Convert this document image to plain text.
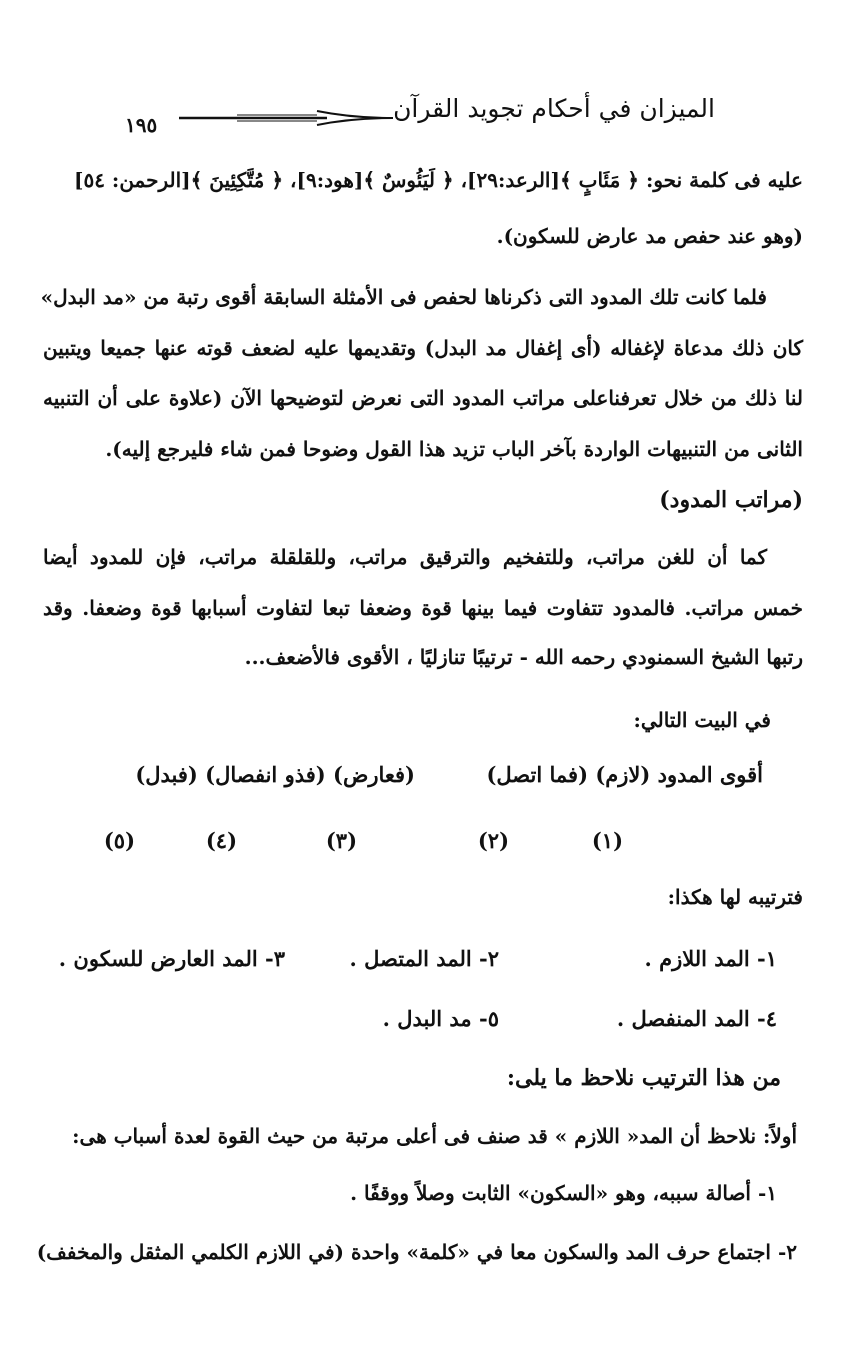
الميزان في أحكام تجويد القرآن
١٩٥
عليه فى كلمة نحو: ﴿ مَئَابٍ ﴾[الرعد:٢٩]، ﴿ لَيَئُوسٌ ﴾[هود:٩]، ﴿ مُتَّكِئِينَ ﴾[الرحمن: ٥٤]
(وهو عند حفص مد عارض للسكون).
فلما كانت تلك المدود التى ذكرناها لحفص فى الأمثلة السابقة أقوى رتبة من «مد البدل»
كان ذلك مدعاة لإغفاله (أى إغفال مد البدل) وتقديمها عليه لضعف قوته عنها جميعا ويتبين
لنا ذلك من خلال تعرفناعلى مراتب المدود التى نعرض لتوضيحها الآن (علاوة على أن التنبيه
الثانى من التنبيهات الواردة بآخر الباب تزيد هذا القول وضوحا فمن شاء فليرجع إليه).
(مراتب المدود)
كما أن للغن مراتب، وللتفخيم والترقيق مراتب، وللقلقلة مراتب، فإن للمدود أيضا
خمس مراتب. فالمدود تتفاوت فيما بينها قوة وضعفا تبعا لتفاوت أسبابها قوة وضعفا. وقد
رتبها الشيخ السمنودي رحمه الله - ترتيبًا تنازليًا ، الأقوى فالأضعف...
في البيت التالي:
أقوى المدود (لازم) (فما اتصل)
(فعارض) (فذو انفصال) (فبدل)
(١)
(٢)
(٣)
(٤)
(٥)
فترتيبه لها هكذا:
١- المد اللازم .
٢- المد المتصل .
٣- المد العارض للسكون .
٤- المد المنفصل .
٥- مد البدل .
من هذا الترتيب نلاحظ ما يلى:
أولاً: نلاحظ أن المد« اللازم » قد صنف فى أعلى مرتبة من حيث القوة لعدة أسباب هى:
١- أصالة سببه، وهو «السكون» الثابت وصلاً ووقفًا .
٢- اجتماع حرف المد والسكون معا في «كلمة» واحدة (في اللازم الكلمي المثقل والمخفف)
